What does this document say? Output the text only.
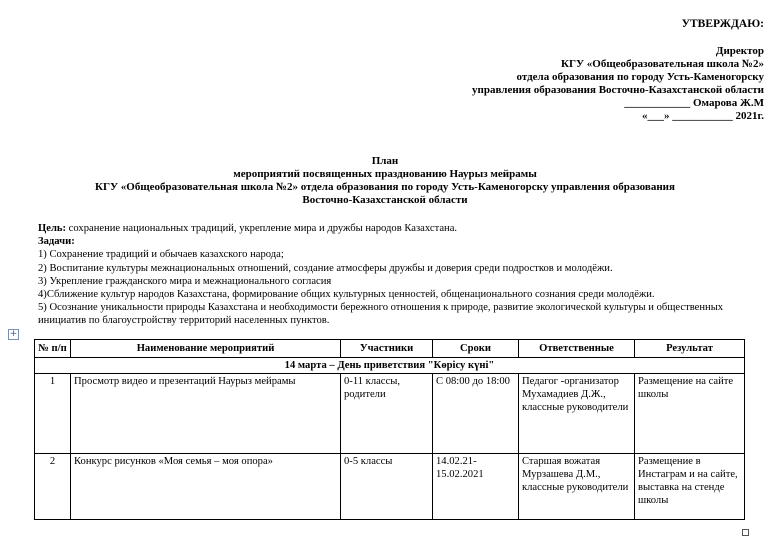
УТВЕРЖДАЮ:
Директор
КГУ «Общеобразовательная школа №2»
отдела образования по городу Усть-Каменогорску
управления образования Восточно-Казахстанской области
____________ Омарова Ж.М
«___» ___________ 2021г.
План
мероприятий посвященных празднованию Наурыз мейрамы
КГУ «Общеобразовательная школа №2» отдела образования по городу Усть-Каменогорску управления образования
Восточно-Казахстанской области
Цель: сохранение национальных традиций, укрепление мира и дружбы народов Казахстана.
Задачи:
1) Сохранение традиций и обычаев казахского народа;
2) Воспитание культуры межнациональных отношений, создание атмосферы дружбы и доверия среди подростков и молодёжи.
3) Укрепление гражданского мира и межнационального согласия
4)Сближение культур народов Казахстана, формирование общих культурных ценностей, общенационального сознания среди молодёжи.
5) Осознание уникальности природы Казахстана и необходимости бережного отношения к природе, развитие экологической культуры и общественных инициатив по благоустройству территорий населенных пунктов.
+
№ п/п	Наименование мероприятий	Участники	Сроки	Ответственные	Результат
14 марта – День приветствия "Көрісу күні"					
1	Просмотр видео и презентаций Наурыз мейрамы	0-11 классы, родители	С 08:00 до 18:00	Педагог -организатор Мухамадиев Д.Ж., классные руководители	Размещение на сайте школы
2	Конкурс рисунков «Моя семья – моя опора»	0-5 классы	14.02.21-15.02.2021	Старшая вожатая Мурзашева Д.М., классные руководители	Размещение в Инстаграм и на сайте, выставка на стенде школы
